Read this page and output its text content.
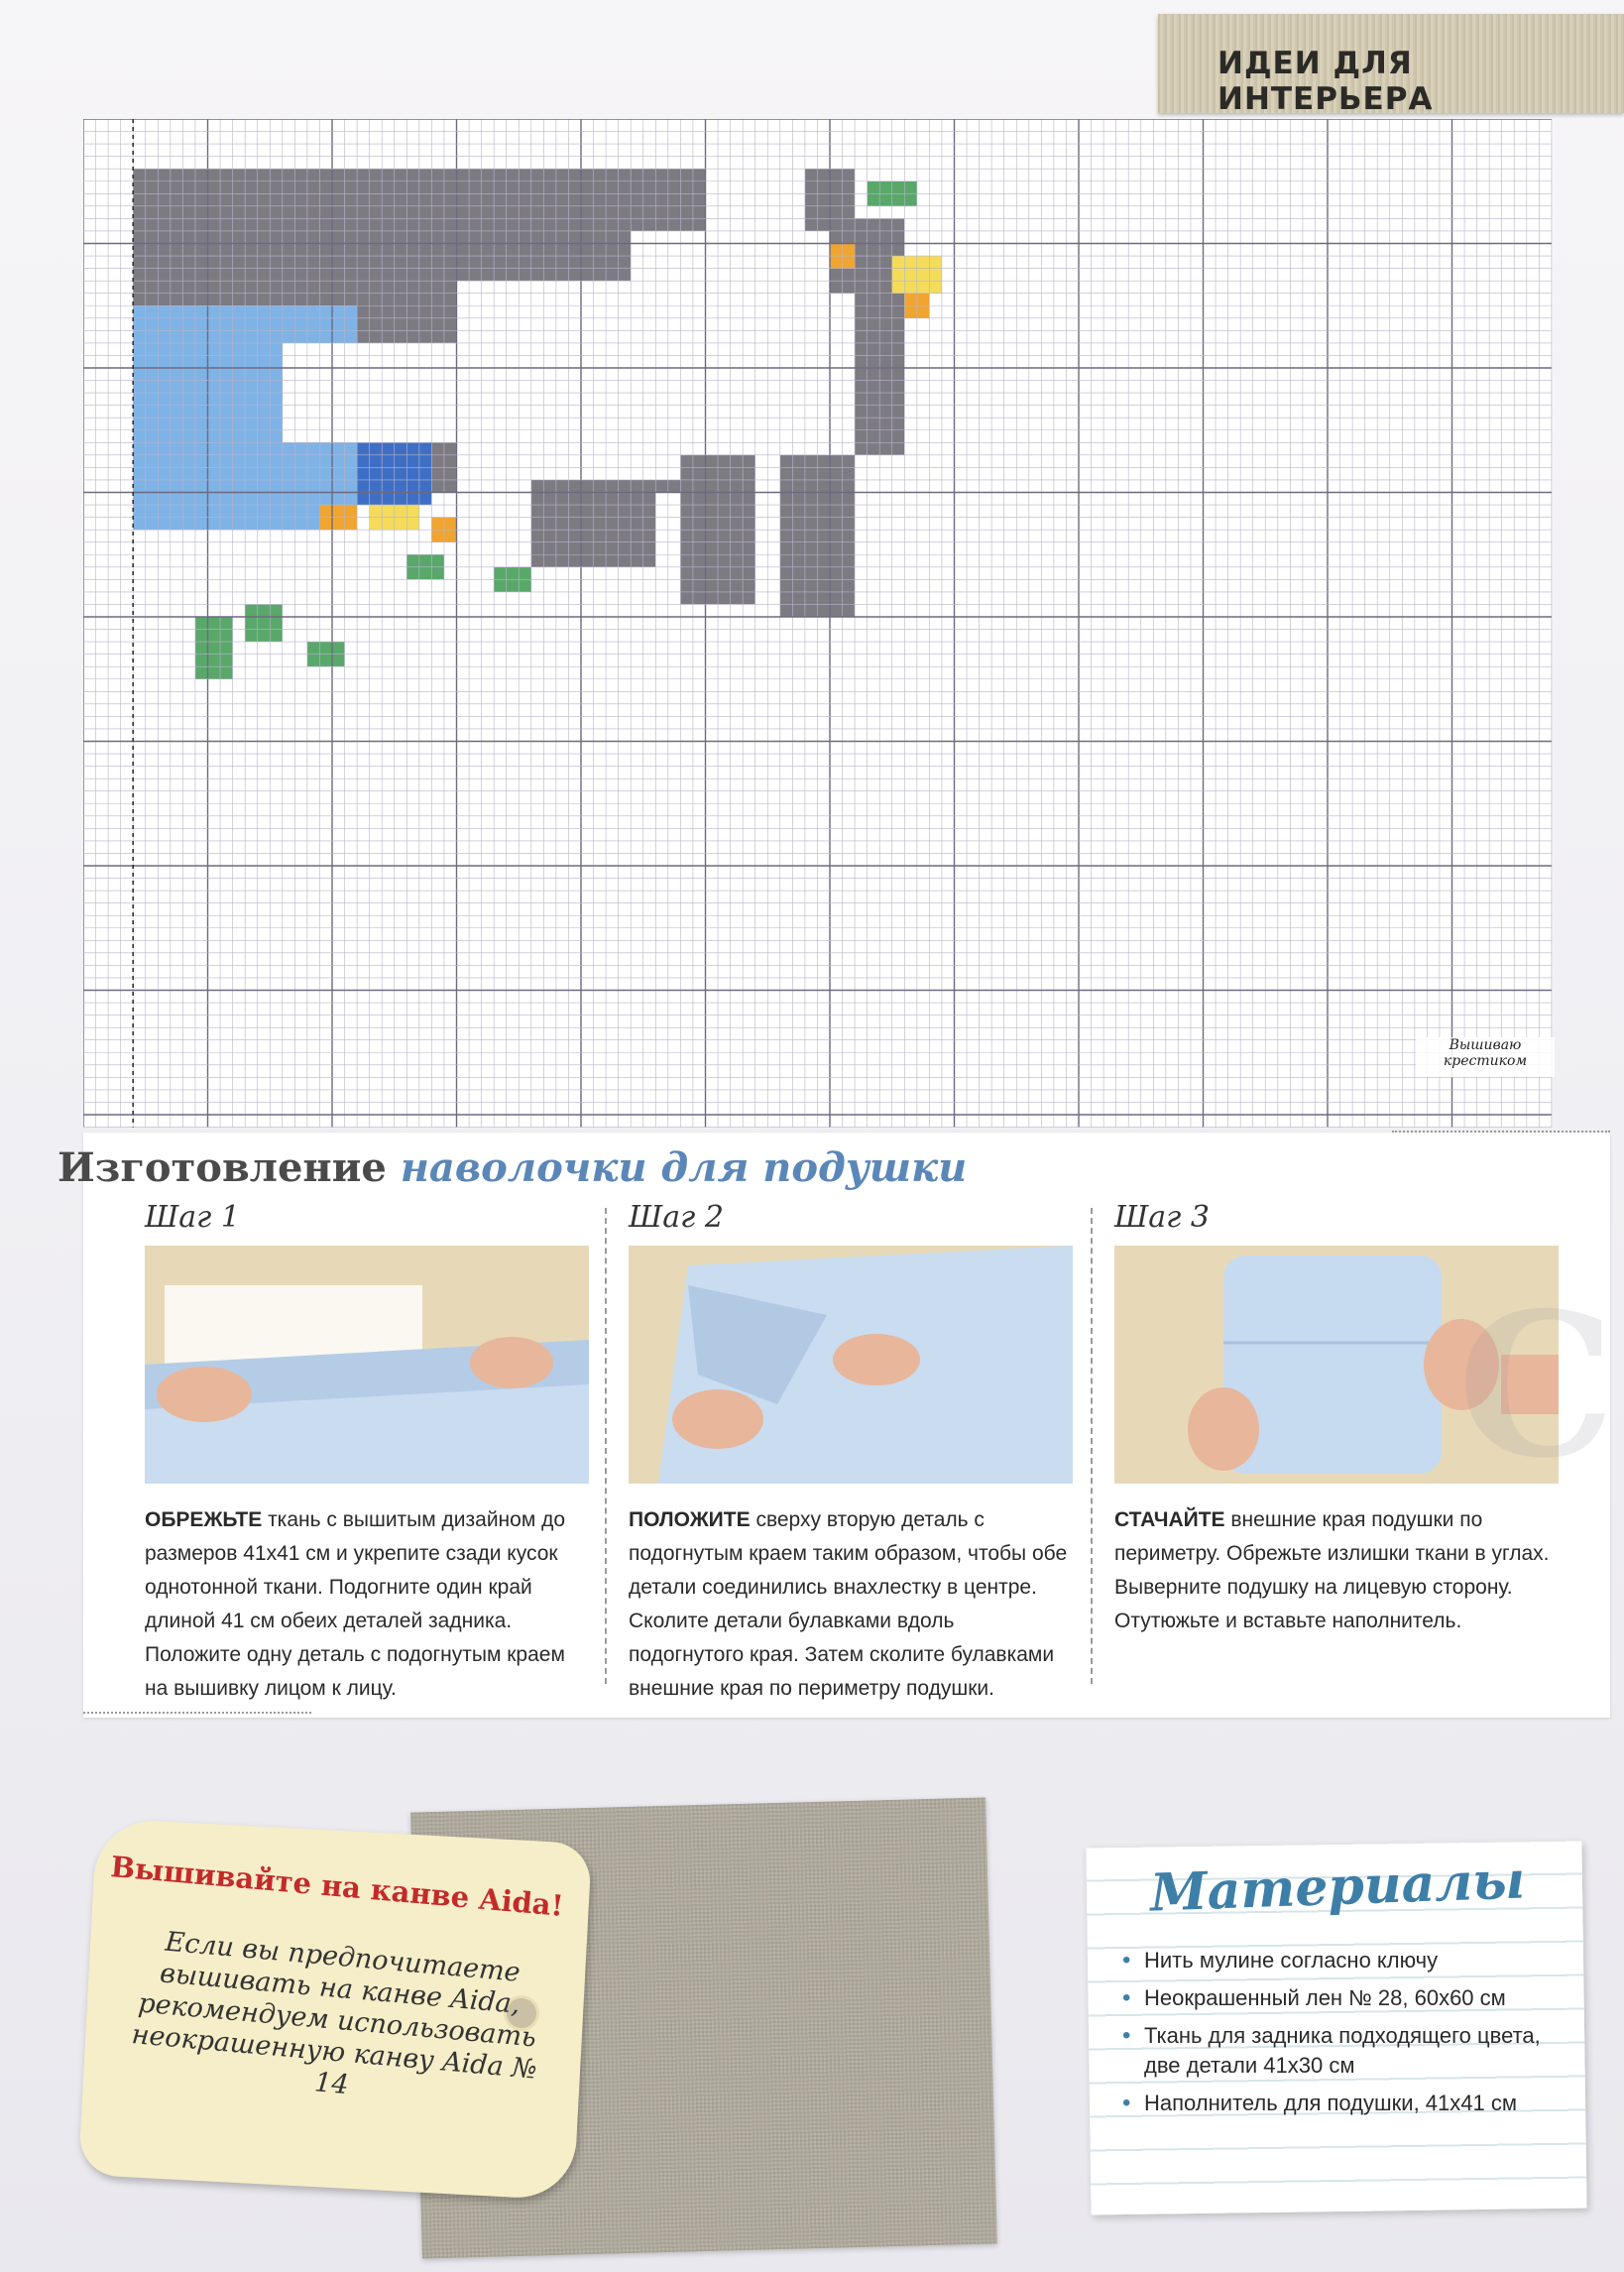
ИДЕИ ДЛЯ ИНТЕРЬЕРА
Вышиваю крестиком
Изготовление наволочки для подушки
Шаг 1
ОБРЕЖЬТЕ ткань с вышитым дизайном до размеров 41x41 см и укрепите сзади кусок однотонной ткани. Подогните один край длиной 41 см обеих деталей задника. Положите одну деталь с подогнутым краем на вышивку лицом к лицу.
Шаг 2
ПОЛОЖИТЕ сверху вторую деталь с подогнутым краем таким образом, чтобы обе детали соединились внахлестку в центре. Сколите детали булавками вдоль подогнутого края. Затем сколите булавками внешние края по периметру подушки.
Шаг 3
СТАЧАЙТЕ внешние края подушки по периметру. Обрежьте излишки ткани в углах. Выверните подушку на лицевую сторону. Отутюжьте и вставьте наполнитель.
С
Вышивайте на канве Aida!
Если вы предпочитаете вышивать на канве Aida, рекомендуем использовать неокрашенную канву Aida № 14
Материалы
• Нить мулине согласно ключу
• Неокрашенный лен № 28, 60x60 см
• Ткань для задника подходящего цвета, две детали 41x30 см
• Наполнитель для подушки, 41x41 см
